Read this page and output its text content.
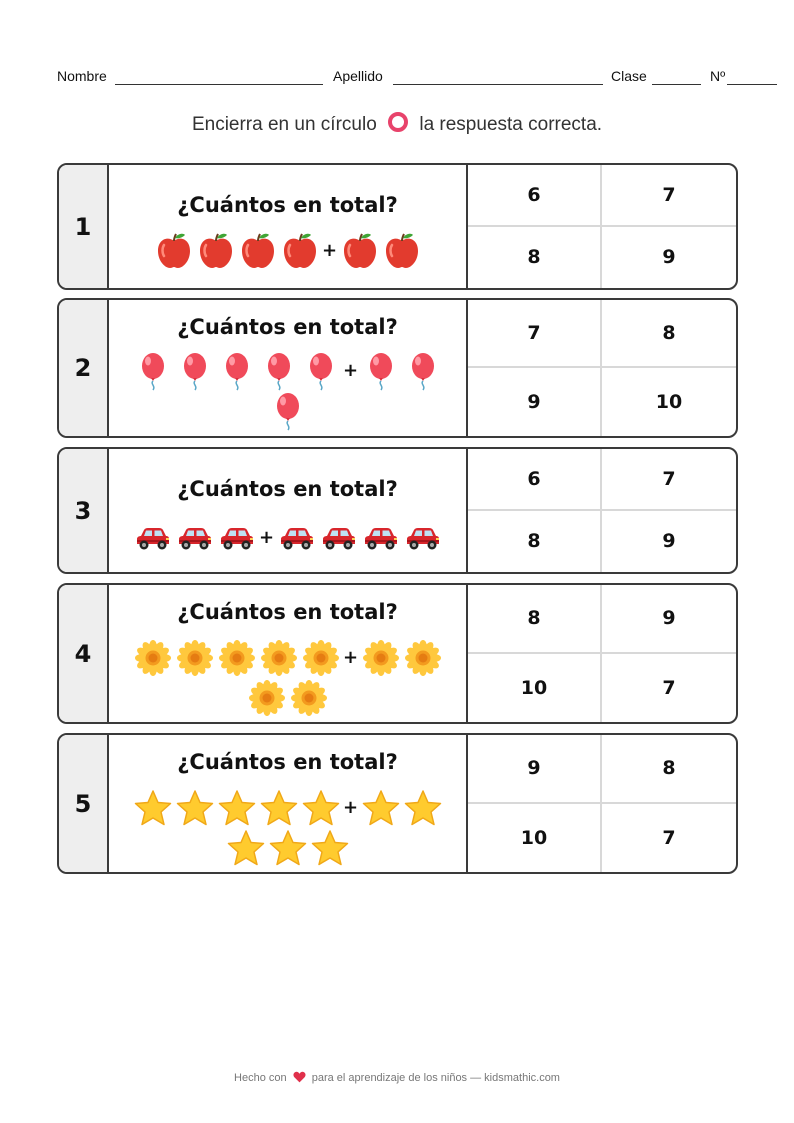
Nombre	Apellido	Clase	Nº
Encierra en un círculo la respuesta correcta.
1
¿Cuántos en total?
+
6	7
8	9
2
¿Cuántos en total?
+
7	8
9	10
3
¿Cuántos en total?
+
6	7
8	9
4
¿Cuántos en total?
+
8	9
10	7
5
¿Cuántos en total?
+
9	8
10	7
Hecho con para el aprendizaje de los niños — kidsmathic.com
